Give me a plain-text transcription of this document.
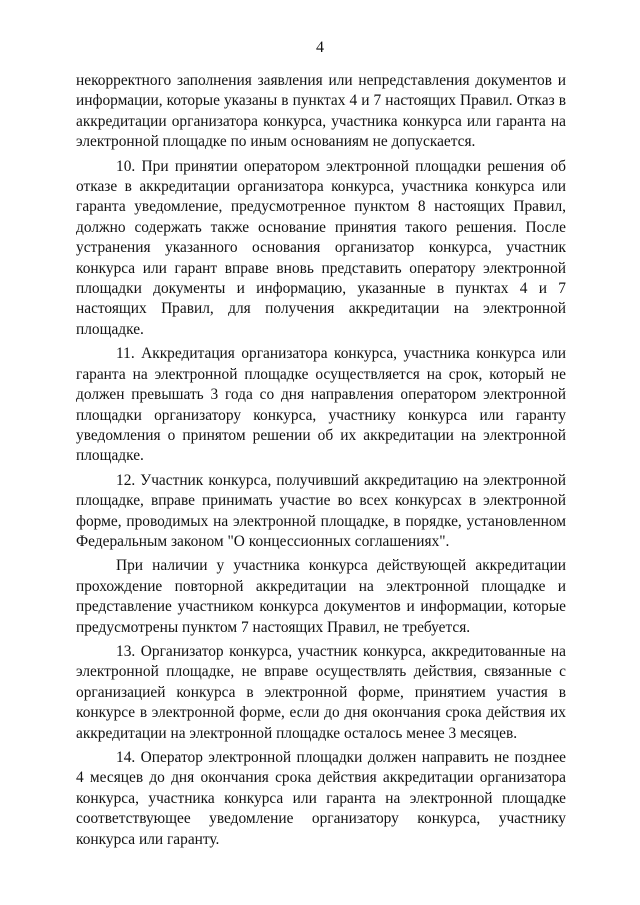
4

некорректного заполнения заявления или непредставления документов и информации, которые указаны в пунктах 4 и 7 настоящих Правил. Отказ в аккредитации организатора конкурса, участника конкурса или гаранта на электронной площадке по иным основаниям не допускается.

10. При принятии оператором электронной площадки решения об отказе в аккредитации организатора конкурса, участника конкурса или гаранта уведомление, предусмотренное пунктом 8 настоящих Правил, должно содержать также основание принятия такого решения. После устранения указанного основания организатор конкурса, участник конкурса или гарант вправе вновь представить оператору электронной площадки документы и информацию, указанные в пунктах 4 и 7 настоящих Правил, для получения аккредитации на электронной площадке.

11. Аккредитация организатора конкурса, участника конкурса или гаранта на электронной площадке осуществляется на срок, который не должен превышать 3 года со дня направления оператором электронной площадки организатору конкурса, участнику конкурса или гаранту уведомления о принятом решении об их аккредитации на электронной площадке.

12. Участник конкурса, получивший аккредитацию на электронной площадке, вправе принимать участие во всех конкурсах в электронной форме, проводимых на электронной площадке, в порядке, установленном Федеральным законом "О концессионных соглашениях".

При наличии у участника конкурса действующей аккредитации прохождение повторной аккредитации на электронной площадке и представление участником конкурса документов и информации, которые предусмотрены пунктом 7 настоящих Правил, не требуется.

13. Организатор конкурса, участник конкурса, аккредитованные на электронной площадке, не вправе осуществлять действия, связанные с организацией конкурса в электронной форме, принятием участия в конкурсе в электронной форме, если до дня окончания срока действия их аккредитации на электронной площадке осталось менее 3 месяцев.

14. Оператор электронной площадки должен направить не позднее 4 месяцев до дня окончания срока действия аккредитации организатора конкурса, участника конкурса или гаранта на электронной площадке соответствующее уведомление организатору конкурса, участнику конкурса или гаранту.
